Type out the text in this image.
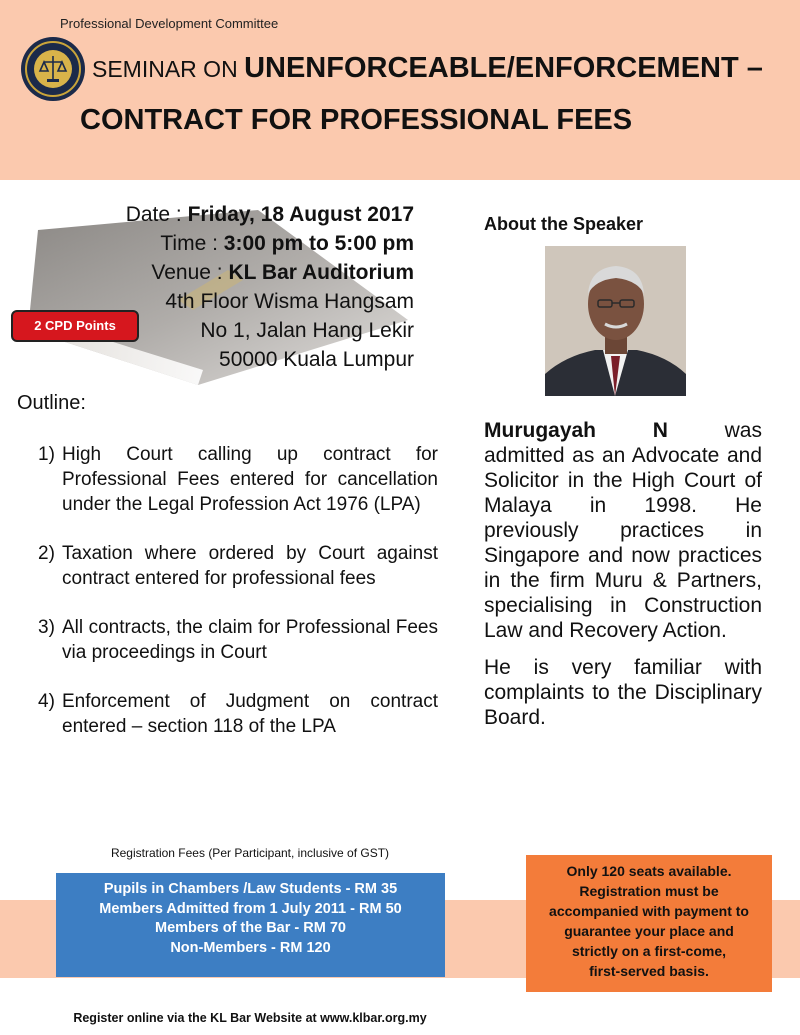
Professional Development Committee
SEMINAR ON UNENFORCEABLE/ENFORCEMENT –
CONTRACT FOR PROFESSIONAL FEES
Date : Friday, 18 August 2017
Time : 3:00 pm to 5:00 pm
Venue : KL Bar Auditorium
4th Floor Wisma Hangsam
No 1, Jalan Hang Lekir
50000 Kuala Lumpur
2 CPD Points
Outline:
1) High Court calling up contract for Professional Fees entered for cancellation under the Legal Profession Act 1976 (LPA)
2) Taxation where ordered by Court against contract entered for professional fees
3) All contracts, the claim for Professional Fees via proceedings in Court
4) Enforcement of Judgment on contract entered – section 118 of the LPA
About the Speaker

Murugayah	N	was
admitted as an Advocate and Solicitor in the High Court of Malaya in 1998. He previously practices in Singapore and now practices in the firm Muru & Partners, specialising in Construction Law and Recovery Action.

He is very familiar with complaints to the Disciplinary Board.

Registration Fees (Per Participant, inclusive of GST)
Pupils in Chambers /Law Students - RM 35
Members Admitted from 1 July 2011 - RM 50
Members of the Bar - RM 70
Non-Members - RM 120
Only 120 seats available.
Registration must be
accompanied with payment to
guarantee your place and
strictly on a first-come,
first-served basis.
Register online via the KL Bar Website at www.klbar.org.my
